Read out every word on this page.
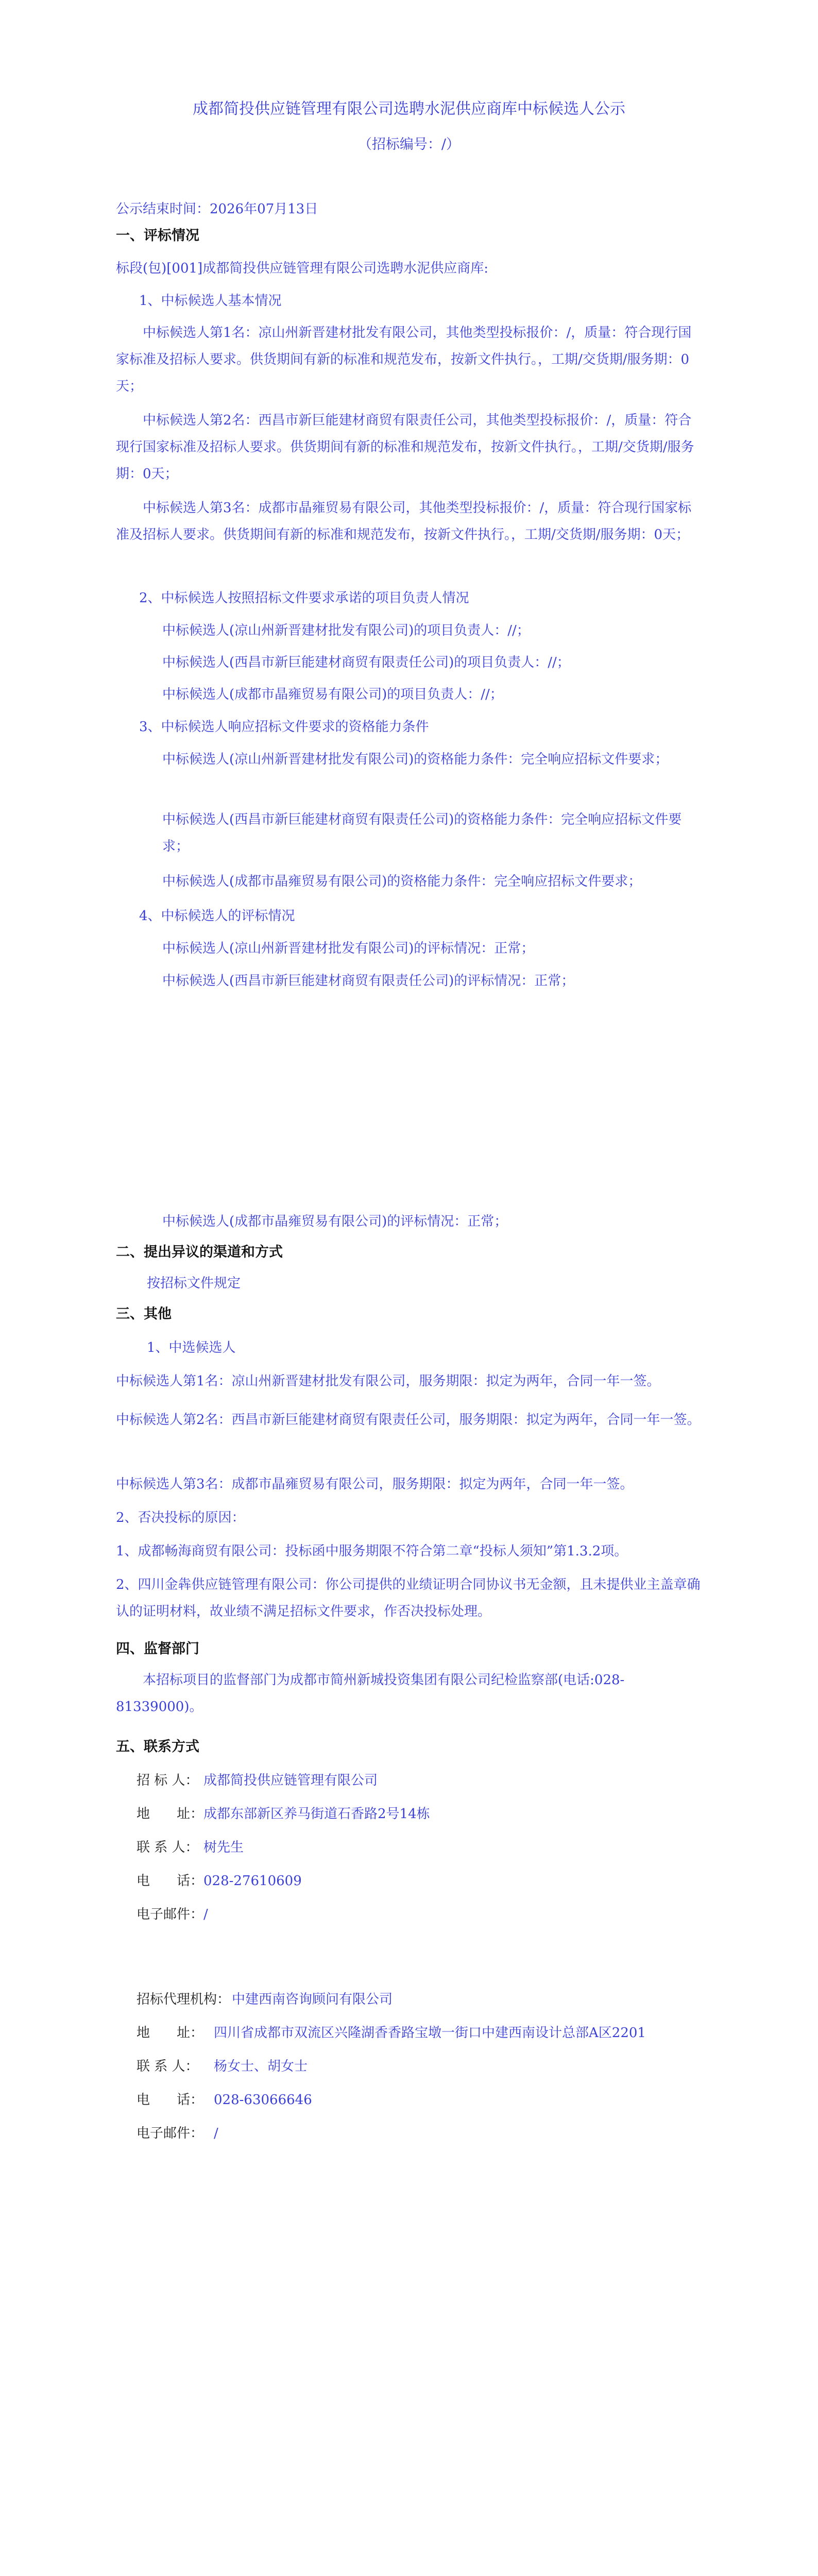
成都简投供应链管理有限公司选聘水泥供应商库中标候选人公示
（招标编号：/）
公示结束时间：2026年07月13日
一、评标情况
标段(包)[001]成都简投供应链管理有限公司选聘水泥供应商库:
1、中标候选人基本情况
中标候选人第1名：凉山州新晋建材批发有限公司，其他类型投标报价：/，质量：符合现行国家标准及招标人要求。供货期间有新的标准和规范发布，按新文件执行。，工期/交货期/服务期：0天；
中标候选人第2名：西昌市新巨能建材商贸有限责任公司，其他类型投标报价：/，质量：符合现行国家标准及招标人要求。供货期间有新的标准和规范发布，按新文件执行。，工期/交货期/服务期：0天；
中标候选人第3名：成都市晶雍贸易有限公司，其他类型投标报价：/，质量：符合现行国家标准及招标人要求。供货期间有新的标准和规范发布，按新文件执行。，工期/交货期/服务期：0天；
2、中标候选人按照招标文件要求承诺的项目负责人情况
中标候选人(凉山州新晋建材批发有限公司)的项目负责人：//；
中标候选人(西昌市新巨能建材商贸有限责任公司)的项目负责人：//；
中标候选人(成都市晶雍贸易有限公司)的项目负责人：//；
3、中标候选人响应招标文件要求的资格能力条件
中标候选人(凉山州新晋建材批发有限公司)的资格能力条件：完全响应招标文件要求；
中标候选人(西昌市新巨能建材商贸有限责任公司)的资格能力条件：完全响应招标文件要求；
中标候选人(成都市晶雍贸易有限公司)的资格能力条件：完全响应招标文件要求；
4、中标候选人的评标情况
中标候选人(凉山州新晋建材批发有限公司)的评标情况：正常；
中标候选人(西昌市新巨能建材商贸有限责任公司)的评标情况：正常；
中标候选人(成都市晶雍贸易有限公司)的评标情况：正常；
二、提出异议的渠道和方式
按招标文件规定
三、其他
1、中选候选人
中标候选人第1名：凉山州新晋建材批发有限公司，服务期限：拟定为两年，合同一年一签。
中标候选人第2名：西昌市新巨能建材商贸有限责任公司，服务期限：拟定为两年，合同一年一签。
中标候选人第3名：成都市晶雍贸易有限公司，服务期限：拟定为两年，合同一年一签。
2、否决投标的原因：
1、成都畅海商贸有限公司：投标函中服务期限不符合第二章“投标人须知”第1.3.2项。
2、四川金犇供应链管理有限公司：你公司提供的业绩证明合同协议书无金额，且未提供业主盖章确认的证明材料，故业绩不满足招标文件要求，作否决投标处理。
四、监督部门
本招标项目的监督部门为成都市简州新城投资集团有限公司纪检监察部(电话:028-81339000)。
五、联系方式
招 标 人： 成都简投供应链管理有限公司
地　　址： 成都东部新区养马街道石香路2号14栋
联 系 人： 树先生
电　　话： 028-27610609
电子邮件： /
招标代理机构： 中建西南咨询顾问有限公司
地　　址： 四川省成都市双流区兴隆湖香香路宝墩一街口中建西南设计总部A区2201
联 系 人： 杨女士、胡女士
电　　话： 028-63066646
电子邮件： /
